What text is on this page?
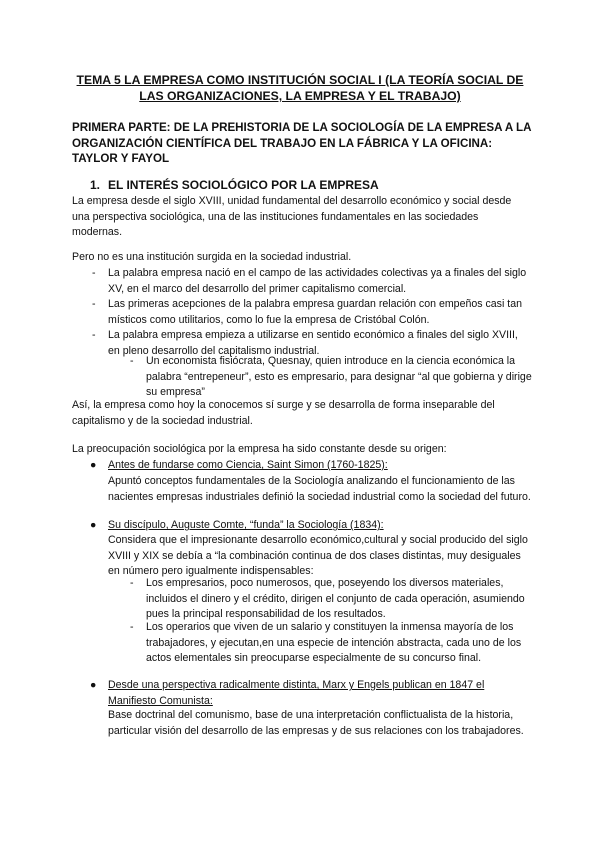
TEMA 5 LA EMPRESA COMO INSTITUCIÓN SOCIAL I (LA TEORÍA SOCIAL DE LAS ORGANIZACIONES, LA EMPRESA Y EL TRABAJO)
PRIMERA PARTE: DE LA PREHISTORIA DE LA SOCIOLOGÍA DE LA EMPRESA A LA ORGANIZACIÓN CIENTÍFICA DEL TRABAJO EN LA FÁBRICA Y LA OFICINA: TAYLOR Y FAYOL
1. EL INTERÉS SOCIOLÓGICO POR LA EMPRESA
La empresa desde el siglo XVIII, unidad fundamental del desarrollo económico y social desde una perspectiva sociológica, una de las instituciones fundamentales en las sociedades modernas.
Pero no es una institución surgida en la sociedad industrial.
- La palabra empresa nació en el campo de las actividades colectivas ya a finales del siglo XV, en el marco del desarrollo del primer capitalismo comercial.
- Las primeras acepciones de la palabra empresa guardan relación con empeños casi tan místicos como utilitarios, como lo fue la empresa de Cristóbal Colón.
- La palabra empresa empieza a utilizarse en sentido económico a finales del siglo XVIII, en pleno desarrollo del capitalismo industrial.
- Un economista fisiócrata, Quesnay, quien introduce en la ciencia económica la palabra “entrepeneur”, esto es empresario, para designar “al que gobierna y dirige su empresa”
Así, la empresa como hoy la conocemos sí surge y se desarrolla de forma inseparable del capitalismo y de la sociedad industrial.
La preocupación sociológica por la empresa ha sido constante desde su origen:
● Antes de fundarse como Ciencia, Saint Simon (1760-1825):
Apuntó conceptos fundamentales de la Sociología analizando el funcionamiento de las nacientes empresas industriales definió la sociedad industrial como la sociedad del futuro.
● Su discípulo, Auguste Comte, “funda” la Sociología (1834):
Considera que el impresionante desarrollo económico,cultural y social producido del siglo XVIII y XIX se debía a “la combinación continua de dos clases distintas, muy desiguales en número pero igualmente indispensables:
- Los empresarios, poco numerosos, que, poseyendo los diversos materiales, incluidos el dinero y el crédito, dirigen el conjunto de cada operación, asumiendo pues la principal responsabilidad de los resultados.
- Los operarios que viven de un salario y constituyen la inmensa mayoría de los trabajadores, y ejecutan,en una especie de intención abstracta, cada uno de los actos elementales sin preocuparse especialmente de su concurso final.
● Desde una perspectiva radicalmente distinta, Marx y Engels publican en 1847 el Manifiesto Comunista:
Base doctrinal del comunismo, base de una interpretación conflictualista de la historia, particular visión del desarrollo de las empresas y de sus relaciones con los trabajadores.
